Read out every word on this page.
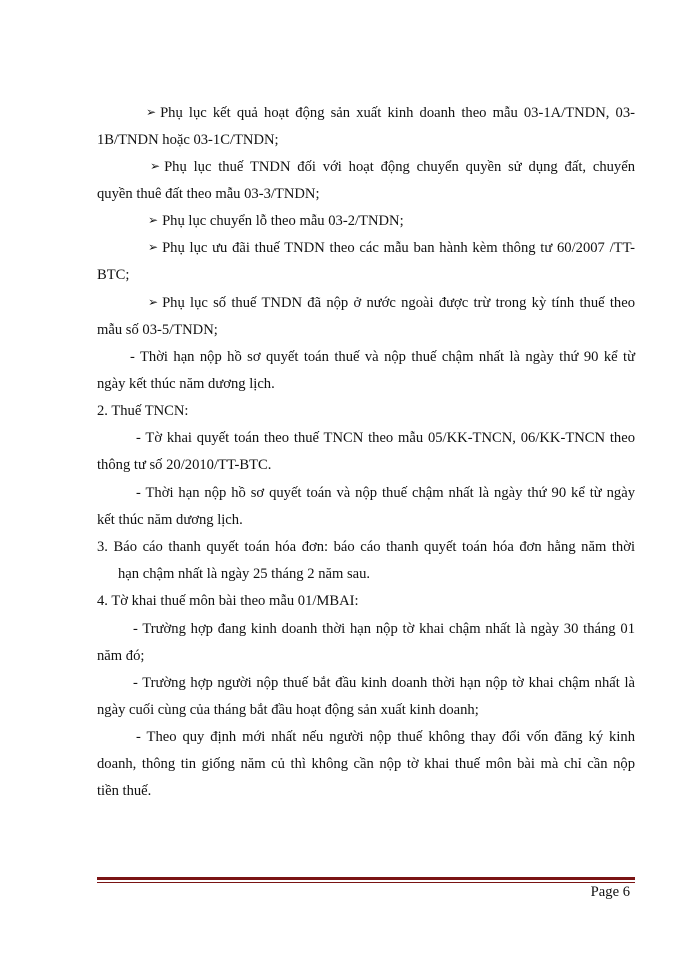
➢ Phụ lục kết quả hoạt động sản xuất kinh doanh theo mẫu 03-1A/TNDN, 03-
1B/TNDN hoặc 03-1C/TNDN;
➢ Phụ lục thuế TNDN đối với hoạt động chuyển quyền sử dụng đất, chuyển
quyền thuê đất theo mẫu 03-3/TNDN;
➢ Phụ lục chuyển lỗ theo mẫu 03-2/TNDN;
➢ Phụ lục ưu đãi thuế TNDN theo các mẫu ban hành kèm thông tư 60/2007 /TT-
BTC;
➢ Phụ lục số thuế TNDN đã nộp ở nước ngoài được trừ trong kỳ tính thuế theo
mẫu số 03-5/TNDN;
- Thời hạn nộp hồ sơ quyết toán thuế và nộp thuế chậm nhất là ngày thứ 90 kể từ
ngày kết thúc năm dương lịch.
2. Thuế TNCN:
- Tờ khai quyết toán theo thuế TNCN theo mẫu 05/KK-TNCN, 06/KK-TNCN theo
thông tư số 20/2010/TT-BTC.
- Thời hạn nộp hồ sơ quyết toán và nộp thuế chậm nhất là ngày thứ 90 kể từ ngày
kết thúc năm dương lịch.
3. Báo cáo thanh quyết toán hóa đơn: báo cáo thanh quyết toán hóa đơn hằng năm thời
hạn chậm nhất là ngày 25 tháng 2 năm sau.
4. Tờ khai thuế môn bài theo mẫu 01/MBAI:
- Trường hợp đang kinh doanh thời hạn nộp tờ khai chậm nhất là ngày 30 tháng 01
năm đó;
- Trường hợp người nộp thuế bắt đầu kinh doanh thời hạn nộp tờ khai chậm nhất là
ngày cuối cùng của tháng bắt đầu hoạt động sản xuất kinh doanh;
- Theo quy định mới nhất nếu người nộp thuế không thay đổi vốn đăng ký kinh
doanh, thông tin giống năm củ thì không cần nộp tờ khai thuế môn bài mà chỉ cần nộp
tiền thuế.
Page 6
